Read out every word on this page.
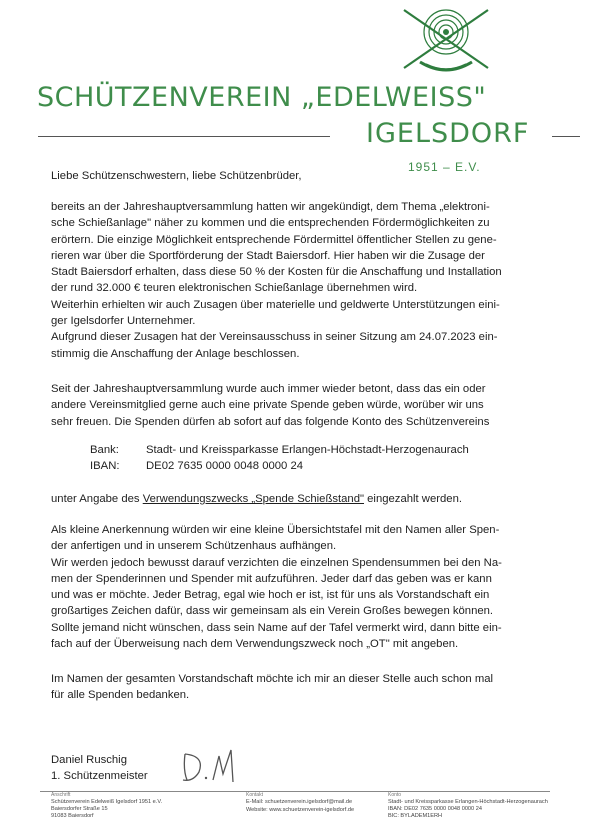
SCHÜTZENVEREIN „EDELWEISS"
IGELSDORF
1951 – E.V.
Liebe Schützenschwestern, liebe Schützenbrüder,
bereits an der Jahreshauptversammlung hatten wir angekündigt, dem Thema „elektroni-
sche Schießanlage" näher zu kommen und die entsprechenden Fördermöglichkeiten zu
erörtern. Die einzige Möglichkeit entsprechende Fördermittel öffentlicher Stellen zu gene-
rieren war über die Sportförderung der Stadt Baiersdorf. Hier haben wir die Zusage der
Stadt Baiersdorf erhalten, dass diese 50 % der Kosten für die Anschaffung und Installation
der rund 32.000 € teuren elektronischen Schießanlage übernehmen wird.
Weiterhin erhielten wir auch Zusagen über materielle und geldwerte Unterstützungen eini-
ger Igelsdorfer Unternehmer.
Aufgrund dieser Zusagen hat der Vereinsausschuss in seiner Sitzung am 24.07.2023 ein-
stimmig die Anschaffung der Anlage beschlossen.
Seit der Jahreshauptversammlung wurde auch immer wieder betont, dass das ein oder
andere Vereinsmitglied gerne auch eine private Spende geben würde, worüber wir uns
sehr freuen. Die Spenden dürfen ab sofort auf das folgende Konto des Schützenvereins
Bank: Stadt- und Kreissparkasse Erlangen-Höchstadt-Herzogenaurach
IBAN: DE02 7635 0000 0048 0000 24
unter Angabe des Verwendungszwecks „Spende Schießstand" eingezahlt werden.
Als kleine Anerkennung würden wir eine kleine Übersichtstafel mit den Namen aller Spen-
der anfertigen und in unserem Schützenhaus aufhängen.
Wir werden jedoch bewusst darauf verzichten die einzelnen Spendensummen bei den Na-
men der Spenderinnen und Spender mit aufzuführen. Jeder darf das geben was er kann
und was er möchte. Jeder Betrag, egal wie hoch er ist, ist für uns als Vorstandschaft ein
großartiges Zeichen dafür, dass wir gemeinsam als ein Verein Großes bewegen können.
Sollte jemand nicht wünschen, dass sein Name auf der Tafel vermerkt wird, dann bitte ein-
fach auf der Überweisung nach dem Verwendungszweck noch „OT" mit angeben.
Im Namen der gesamten Vorstandschaft möchte ich mir an dieser Stelle auch schon mal
für alle Spenden bedanken.
Daniel Ruschig
1. Schützenmeister
Anschrift
Schützenverein Edelweiß Igelsdorf 1951 e.V.
Baiersdorfer Straße 15
91083 Baiersdorf
Kontakt
E-Mail: schuetzenverein.igelsdorf@mail.de
Website: www.schuetzenverein-igelsdorf.de
Konto
Stadt- und Kreissparkasse Erlangen-Höchstadt-Herzogenaurach
IBAN: DE02 7635 0000 0048 0000 24
BIC: BYLADEM1ERH
